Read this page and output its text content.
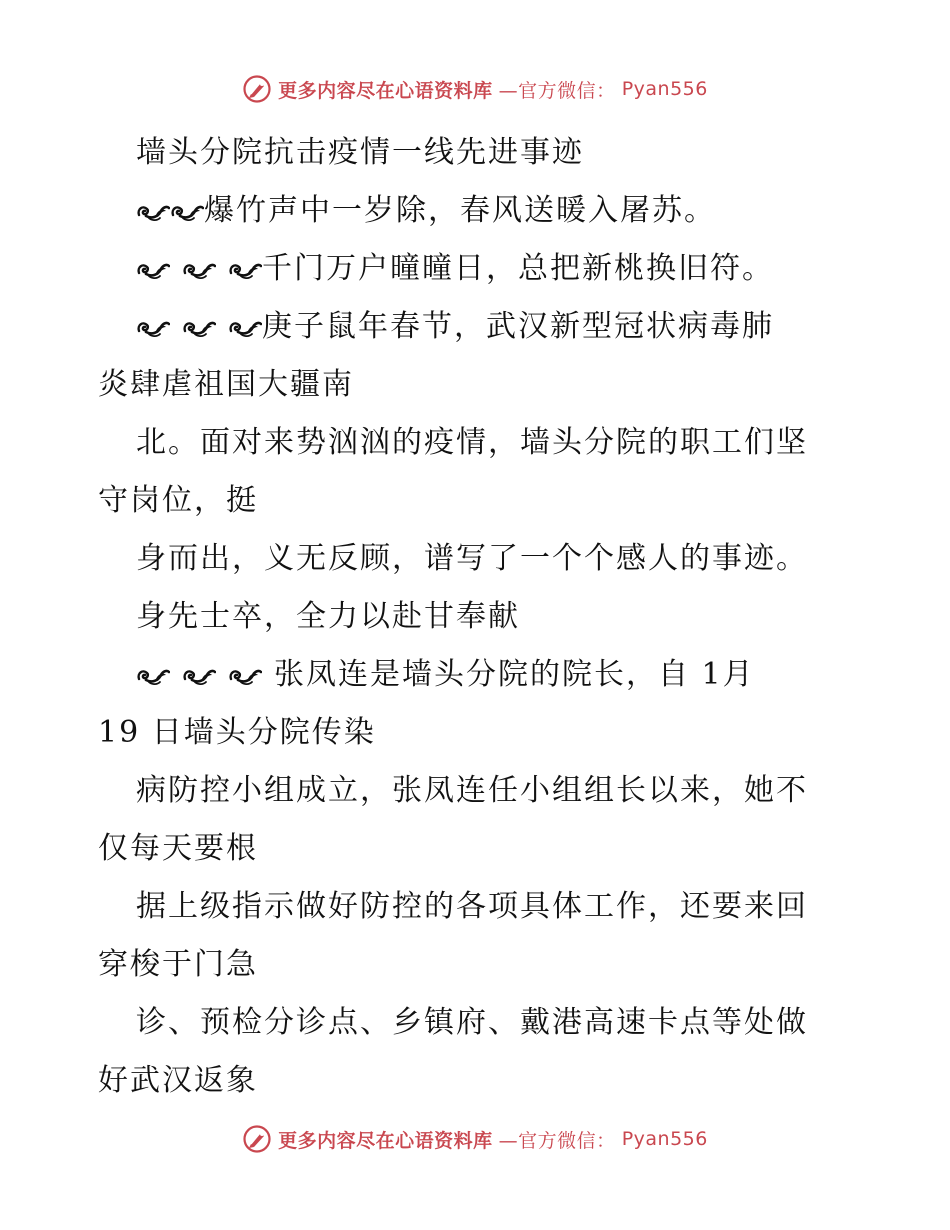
更多内容尽在心语资料库 —官方微信： Pyan556
墙头分院抗击疫情一线先进事迹
爆竹声中一岁除，春风送暖入屠苏。
千门万户曈曈日，总把新桃换旧符。
庚子鼠年春节，武汉新型冠状病毒肺
炎肆虐祖国大疆南
北。面对来势汹汹的疫情，墙头分院的职工们坚
守岗位，挺
身而出，义无反顾，谱写了一个个感人的事迹。
身先士卒，全力以赴甘奉献
张凤连是墙头分院的院长，自 1月
19 日墙头分院传染
病防控小组成立，张凤连任小组组长以来，她不
仅每天要根
据上级指示做好防控的各项具体工作，还要来回
穿梭于门急
诊、预检分诊点、乡镇府、戴港高速卡点等处做
好武汉返象
更多内容尽在心语资料库 —官方微信： Pyan556
